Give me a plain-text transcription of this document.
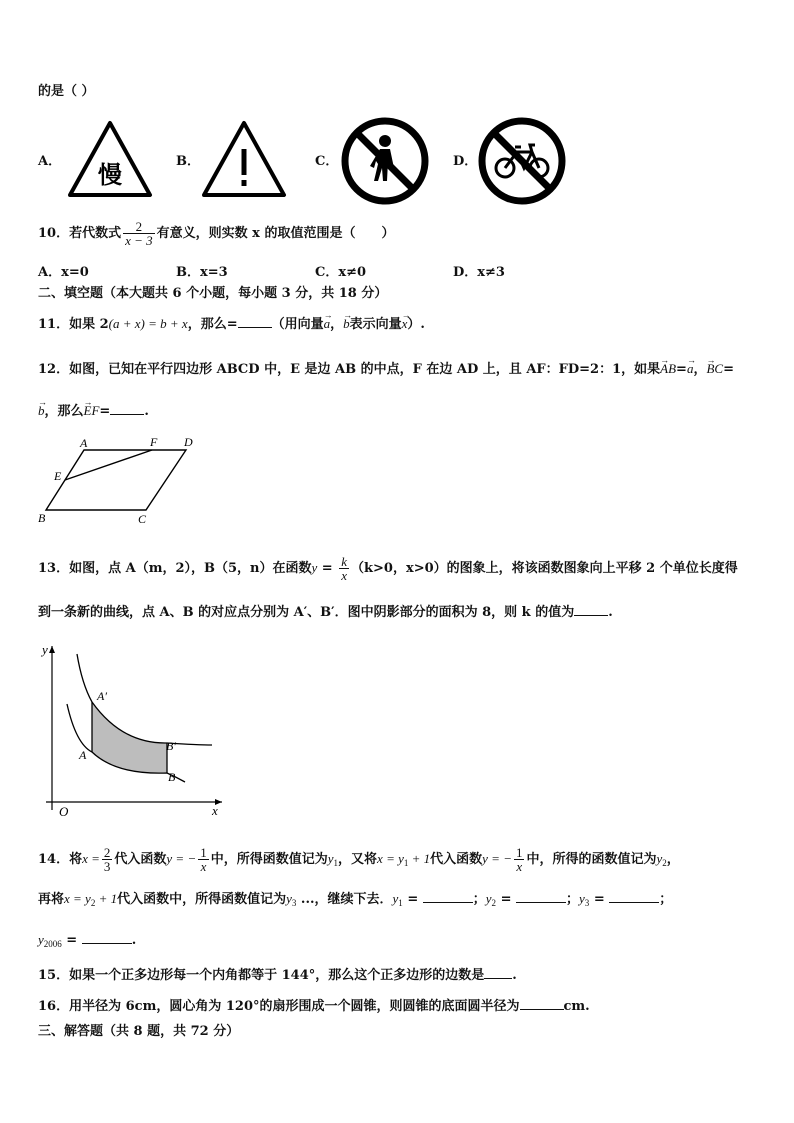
的是（ ）
A．
慢
B．	C．	D．
10．若代数式 $\frac{2}{x - 3}$ 有意义，则实数 x 的取值范围是（　　）
A．x=0	B．x=3	C．x≠0	D．x≠3
二、填空题（本大题共 6 个小题，每小题 3 分，共 18 分）
11．如果 2(a + x) = b + x，那么=	（用向量→ a，→ b表示向量→ x）.
12．如图，已知在平行四边形 ABCD 中，E 是边 AB 的中点，F 在边 AD 上，且 AF：FD=2：1，如果→ AB=→ a，→ BC=
→ b，那么→ EF=	.
A	F D
E
B	C
13．如图，点 A（m，2），B（5，n）在函数$y = \frac{k}{x} (k>0$，x>0）的图象上，将该函数图象向上平移 2 个单位长度得
到一条新的曲线，点 A、B 的对应点分别为 A′、B′．图中阴影部分的面积为 8，则 k 的值为	.
y
x
O
A′
A
B′
B
14．将$x = \frac{2}{3}$ 代入函数y = − $\frac{1}{x}$ 中，所得函数值记为$y_1$，又将$x = y_1 + 1$代入函数y = − $\frac{1}{x}$ 中，所得的函数值记为$y_2$，
再将$x = y_2 + 1$代入函数中，所得函数值记为$y_3$ ...，继续下去．$y_1$ =	；$y_2$ =	；$y_3$ =	；
$y_{2006}$ =	.
15．如果一个正多边形每一个内角都等于 144°，那么这个正多边形的边数是 .
16．用半径为 6cm，圆心角为 120°的扇形围成一个圆锥，则圆锥的底面圆半径为	cm.
三、解答题（共 8 题，共 72 分）
